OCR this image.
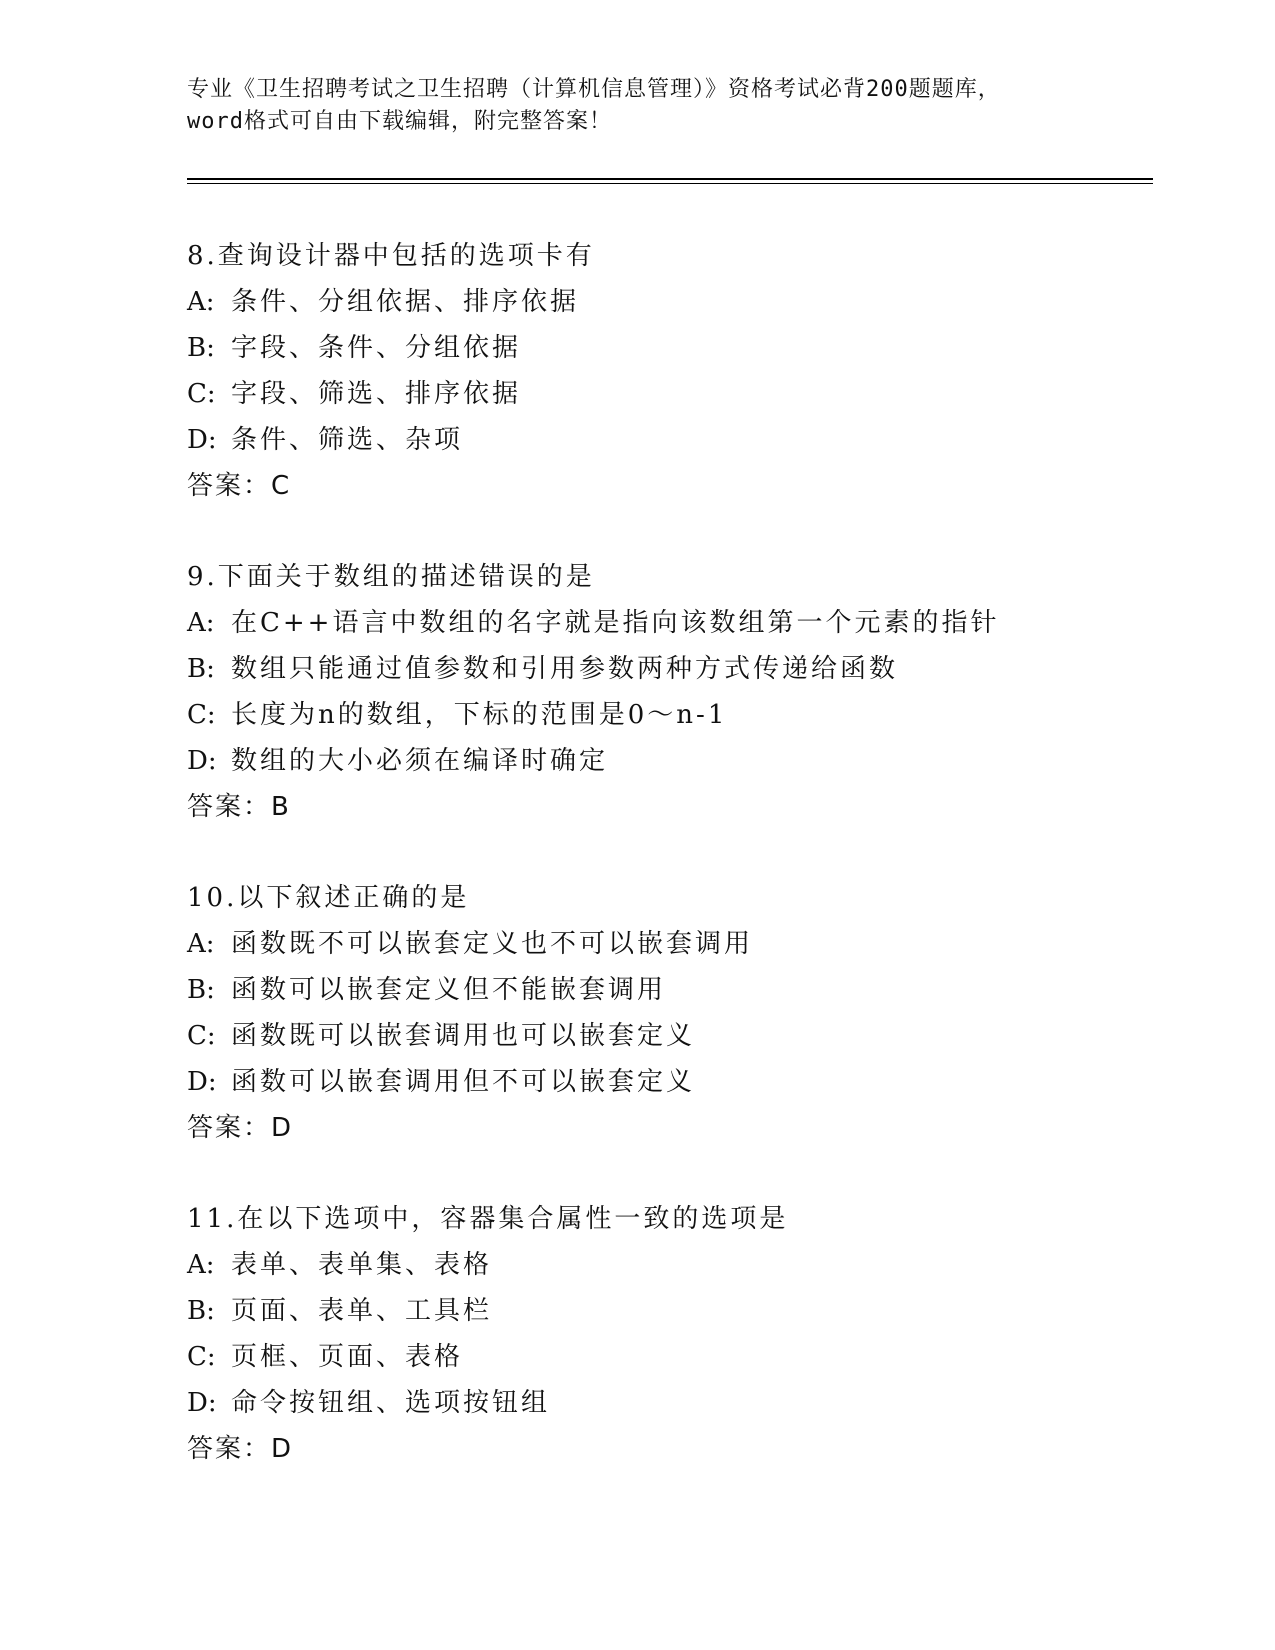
专业《卫生招聘考试之卫生招聘（计算机信息管理）》资格考试必背200题题库，
word格式可自由下载编辑，附完整答案！
8.查询设计器中包括的选项卡有
A: 条件、分组依据、排序依据
B: 字段、条件、分组依据
C: 字段、筛选、排序依据
D: 条件、筛选、杂项
答案：C
9.下面关于数组的描述错误的是
A: 在C++语言中数组的名字就是指向该数组第一个元素的指针
B: 数组只能通过值参数和引用参数两种方式传递给函数
C: 长度为n的数组，下标的范围是0～n-1
D: 数组的大小必须在编译时确定
答案：B
10.以下叙述正确的是
A: 函数既不可以嵌套定义也不可以嵌套调用
B: 函数可以嵌套定义但不能嵌套调用
C: 函数既可以嵌套调用也可以嵌套定义
D: 函数可以嵌套调用但不可以嵌套定义
答案：D
11.在以下选项中，容器集合属性一致的选项是
A: 表单、表单集、表格
B: 页面、表单、工具栏
C: 页框、页面、表格
D: 命令按钮组、选项按钮组
答案：D
